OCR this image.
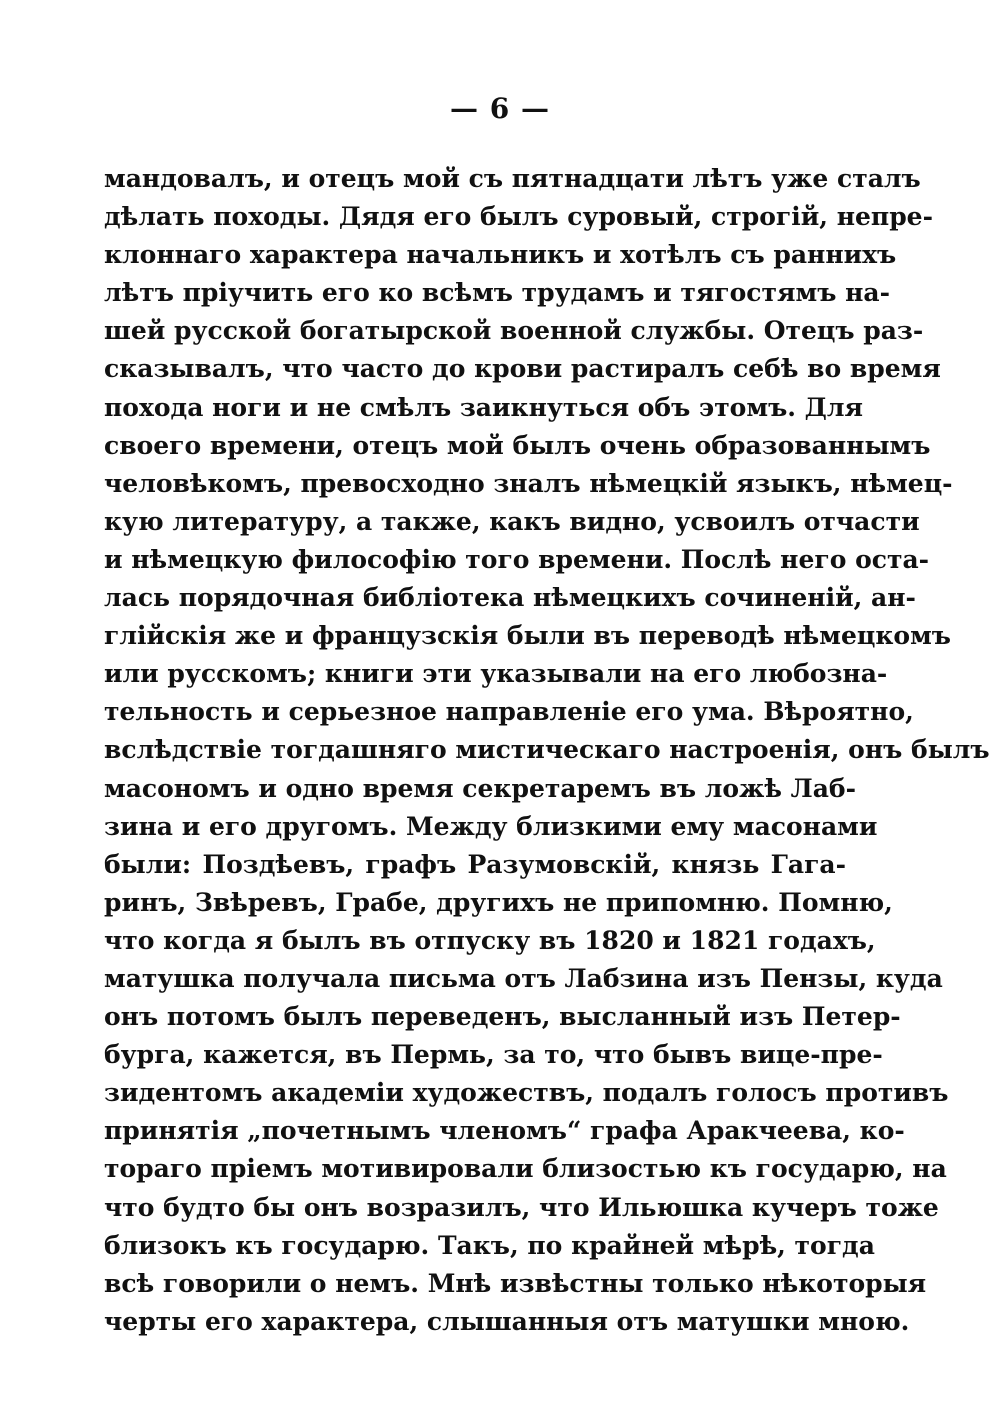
— 6 —
мандовалъ, и отецъ мой съ пятнадцати лѣтъ уже сталъ
дѣлать походы. Дядя его былъ суровый, строгій, непре-
клоннаго характера начальникъ и хотѣлъ съ раннихъ
лѣтъ пріучить его ко всѣмъ трудамъ и тягостямъ на-
шей русской богатырской военной службы. Отецъ раз-
сказывалъ, что часто до крови растиралъ себѣ во время
похода ноги и не смѣлъ заикнуться объ этомъ. Для
своего времени, отецъ мой былъ очень образованнымъ
человѣкомъ, превосходно зналъ нѣмецкій языкъ, нѣмец-
кую литературу, а также, какъ видно, усвоилъ отчасти
и нѣмецкую философію того времени. Послѣ него оста-
лась порядочная библіотека нѣмецкихъ сочиненій, ан-
глійскія же и французскія были въ переводѣ нѣмецкомъ
или русскомъ; книги эти указывали на его любозна-
тельность и серьезное направленіе его ума. Вѣроятно,
вслѣдствіе тогдашняго мистическаго настроенія, онъ былъ
масономъ и одно время секретаремъ въ ложѣ Лаб-
зина и его другомъ. Между близкими ему масонами
были: Поздѣевъ, графъ Разумовскій, князь Гага-
ринъ, Звѣревъ, Грабе, другихъ не припомню. Помню,
что когда я былъ въ отпуску въ 1820 и 1821 годахъ,
матушка получала письма отъ Лабзина изъ Пензы, куда
онъ потомъ былъ переведенъ, высланный изъ Петер-
бурга, кажется, въ Пермь, за то, что бывъ вице-пре-
зидентомъ академіи художествъ, подалъ голосъ противъ
принятія „почетнымъ членомъ“ графа Аракчеева, ко-
тораго пріемъ мотивировали близостью къ государю, на
что будто бы онъ возразилъ, что Ильюшка кучеръ тоже
близокъ къ государю. Такъ, по крайней мѣрѣ, тогда
всѣ говорили о немъ. Мнѣ извѣстны только нѣкоторыя
черты его характера, слышанныя отъ матушки мною.
